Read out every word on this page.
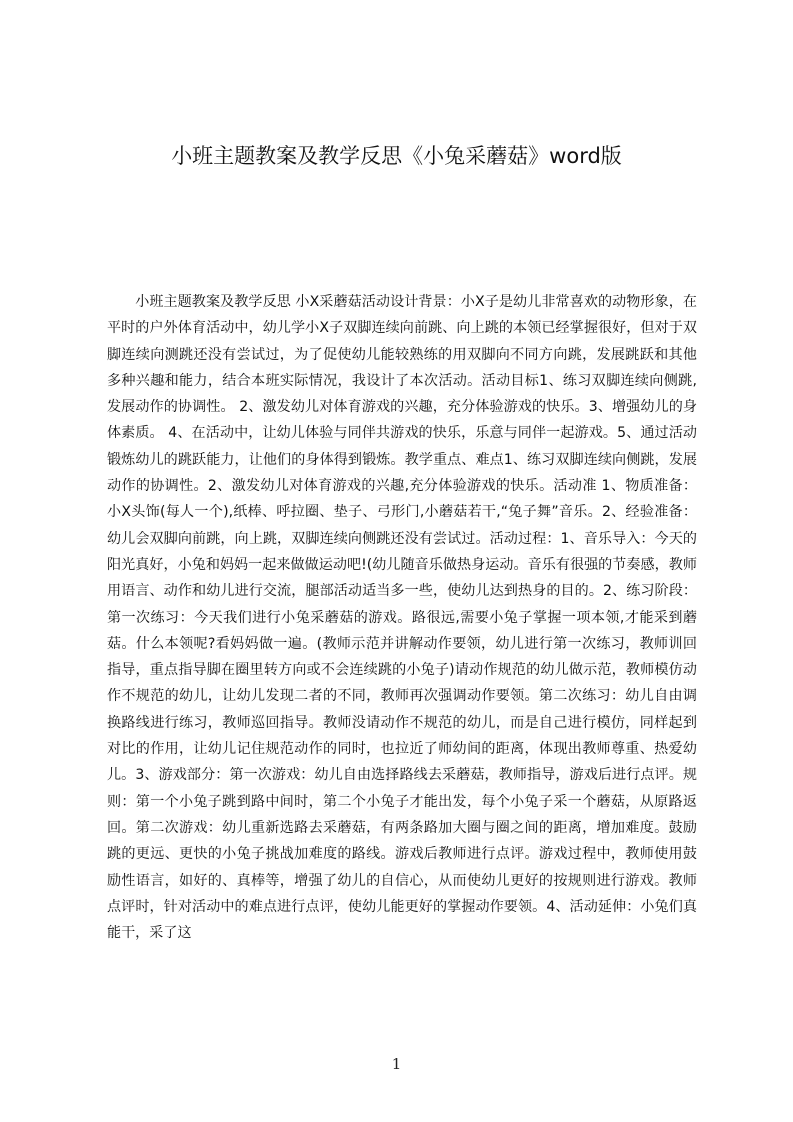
小班主题教案及教学反思《小兔采蘑菇》word版

小班主题教案及教学反思 小X采蘑菇活动设计背景：小X子是幼儿非常喜欢的动物形象，在平时的户外体育活动中，幼儿学小X子双脚连续向前跳、向上跳的本领已经掌握很好，但对于双脚连续向测跳还没有尝试过，为了促使幼儿能较熟练的用双脚向不同方向跳，发展跳跃和其他多种兴趣和能力，结合本班实际情况，我设计了本次活动。活动目标1、练习双脚连续向侧跳,发展动作的协调性。 2、激发幼儿对体育游戏的兴趣，充分体验游戏的快乐。3、增强幼儿的身体素质。 4、在活动中，让幼儿体验与同伴共游戏的快乐，乐意与同伴一起游戏。5、通过活动锻炼幼儿的跳跃能力，让他们的身体得到锻炼。教学重点、难点1、练习双脚连续向侧跳，发展动作的协调性。2、激发幼儿对体育游戏的兴趣,充分体验游戏的快乐。活动准 1、物质准备：小X头饰(每人一个),纸棒、呼拉圈、垫子、弓形门,小蘑菇若干,“兔子舞”音乐。2、经验准备：幼儿会双脚向前跳，向上跳，双脚连续向侧跳还没有尝试过。活动过程：1、音乐导入：今天的阳光真好，小兔和妈妈一起来做做运动吧!(幼儿随音乐做热身运动。音乐有很强的节奏感，教师用语言、动作和幼儿进行交流，腿部活动适当多一些，使幼儿达到热身的目的。2、练习阶段：第一次练习：今天我们进行小兔采蘑菇的游戏。路很远,需要小兔子掌握一项本领,才能采到蘑菇。什么本领呢?看妈妈做一遍。(教师示范并讲解动作要领，幼儿进行第一次练习，教师训回指导，重点指导脚在圈里转方向或不会连续跳的小兔子)请动作规范的幼儿做示范，教师模仿动作不规范的幼儿，让幼儿发现二者的不同，教师再次强调动作要领。第二次练习：幼儿自由调换路线进行练习，教师巡回指导。教师没请动作不规范的幼儿，而是自己进行模仿，同样起到对比的作用，让幼儿记住规范动作的同时，也拉近了师幼间的距离，体现出教师尊重、热爱幼儿。3、游戏部分：第一次游戏：幼儿自由选择路线去采蘑菇，教师指导，游戏后进行点评。规则：第一个小兔子跳到路中间时，第二个小兔子才能出发，每个小兔子采一个蘑菇，从原路返回。第二次游戏：幼儿重新选路去采蘑菇，有两条路加大圈与圈之间的距离，增加难度。鼓励跳的更远、更快的小兔子挑战加难度的路线。游戏后教师进行点评。游戏过程中，教师使用鼓励性语言，如好的、真棒等，增强了幼儿的自信心，从而使幼儿更好的按规则进行游戏。教师点评时，针对活动中的难点进行点评，使幼儿能更好的掌握动作要领。4、活动延伸：小兔们真能干，采了这

1
